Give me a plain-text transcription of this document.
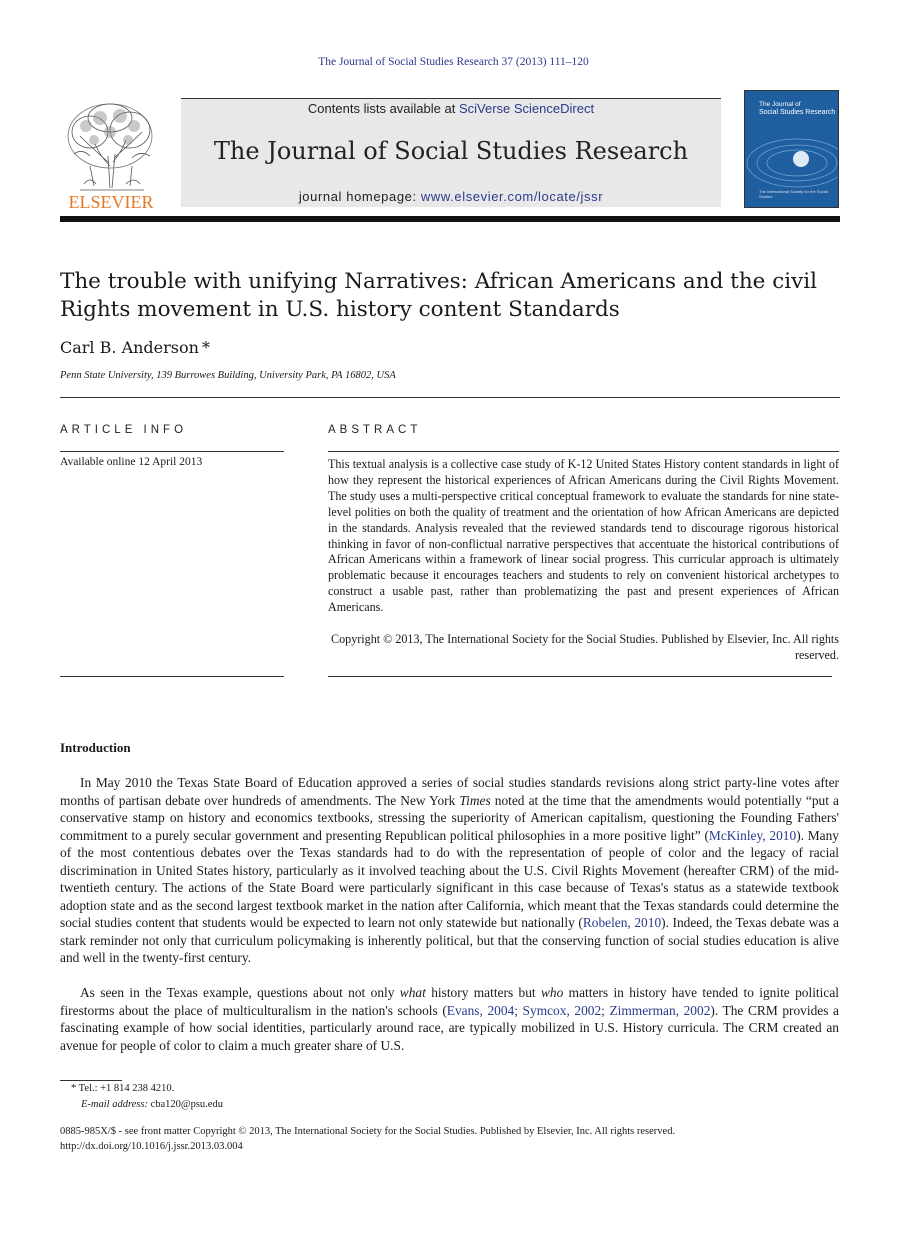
The Journal of Social Studies Research 37 (2013) 111–120
ELSEVIER
Contents lists available at SciVerse ScienceDirect
The Journal of Social Studies Research
journal homepage: www.elsevier.com/locate/jssr
The Journal of
Social Studies Research
The International Society for the Social Studies
The trouble with unifying Narratives: African Americans and the civil Rights movement in U.S. history content Standards
Carl B. Anderson *
Penn State University, 139 Burrowes Building, University Park, PA 16802, USA
ARTICLE INFO	ABSTRACT
Available online 12 April 2013	This textual analysis is a collective case study of K-12 United States History content standards in light of how they represent the historical experiences of African Americans during the Civil Rights Movement. The study uses a multi-perspective critical conceptual framework to evaluate the standards for nine state-level polities on both the quality of treatment and the orientation of how African Americans are depicted in the standards. Analysis revealed that the reviewed standards tend to discourage rigorous historical thinking in favor of non-conflictual narrative perspectives that accentuate the historical contributions of African Americans within a framework of linear social progress. This curricular approach is ultimately problematic because it encourages teachers and students to rely on convenient historical archetypes to construct a usable past, rather than problematizing the past and present experiences of African Americans.
Copyright © 2013, The International Society for the Social Studies. Published by Elsevier, Inc. All rights reserved.
Introduction
In May 2010 the Texas State Board of Education approved a series of social studies standards revisions along strict party-line votes after months of partisan debate over hundreds of amendments. The New York Times noted at the time that the amendments would potentially “put a conservative stamp on history and economics textbooks, stressing the superiority of American capitalism, questioning the Founding Fathers' commitment to a purely secular government and presenting Republican political philosophies in a more positive light” (McKinley, 2010). Many of the most contentious debates over the Texas standards had to do with the representation of people of color and the legacy of racial discrimination in United States history, particularly as it involved teaching about the U.S. Civil Rights Movement (hereafter CRM) of the mid-twentieth century. The actions of the State Board were particularly significant in this case because of Texas's status as a statewide textbook adoption state and as the second largest textbook market in the nation after California, which meant that the Texas standards could determine the social studies content that students would be expected to learn not only statewide but nationally (Robelen, 2010). Indeed, the Texas debate was a stark reminder not only that curriculum policymaking is inherently political, but that the conserving function of social studies education is alive and well in the twenty-first century.
As seen in the Texas example, questions about not only what history matters but who matters in history have tended to ignite political firestorms about the place of multiculturalism in the nation's schools (Evans, 2004; Symcox, 2002; Zimmerman, 2002). The CRM provides a fascinating example of how social identities, particularly around race, are typically mobilized in U.S. History curricula. The CRM created an avenue for people of color to claim a much greater share of U.S.
* Tel.: +1 814 238 4210.
E-mail address: cba120@psu.edu
0885-985X/$ - see front matter Copyright © 2013, The International Society for the Social Studies. Published by Elsevier, Inc. All rights reserved.
http://dx.doi.org/10.1016/j.jssr.2013.03.004
